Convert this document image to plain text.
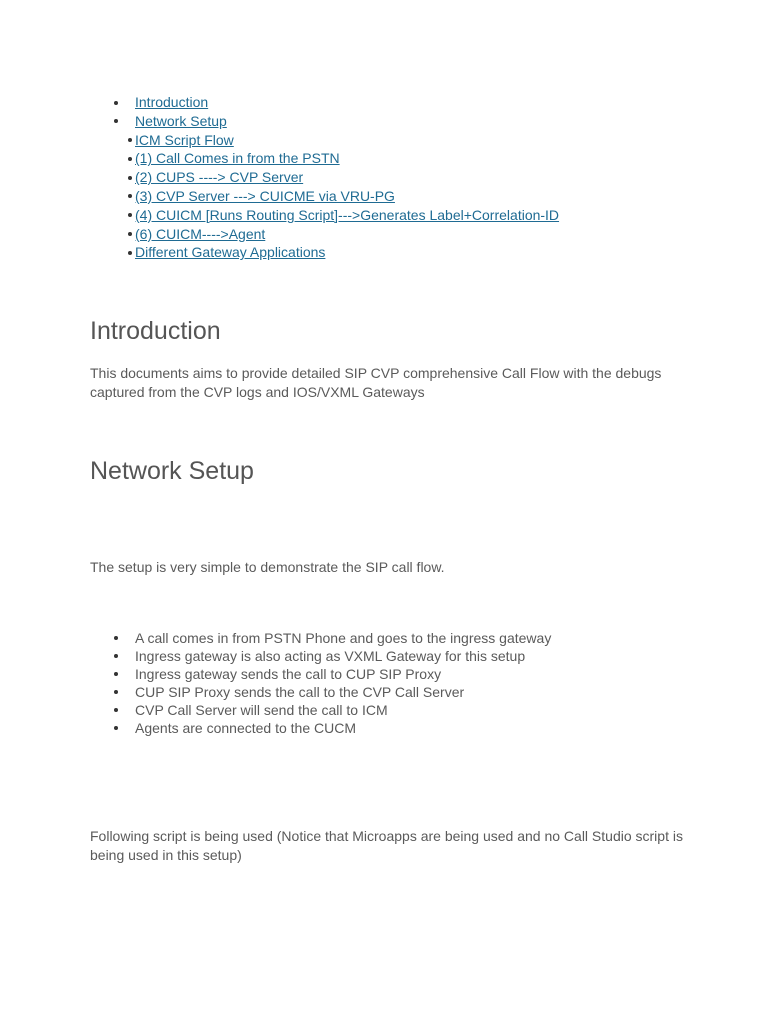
Introduction
Network Setup
ICM Script Flow
(1) Call Comes in from the PSTN
(2) CUPS ----> CVP Server
(3) CVP Server ---> CUICME via VRU-PG
(4) CUICM [Runs Routing Script]--->Generates Label+Correlation-ID
(6) CUICM---->Agent
Different Gateway Applications
Introduction

This documents aims to provide detailed SIP CVP comprehensive Call Flow with the debugs captured from the CVP logs and IOS/VXML Gateways

Network Setup

The setup is very simple to demonstrate the SIP call flow.

A call comes in from PSTN Phone and goes to the ingress gateway
Ingress gateway is also acting as VXML Gateway for this setup
Ingress gateway sends the call to CUP SIP Proxy
CUP SIP Proxy sends the call to the CVP Call Server
CVP Call Server will send the call to ICM
Agents are connected to the CUCM

Following script is being used (Notice that Microapps are being used and no Call Studio script is being used in this setup)
